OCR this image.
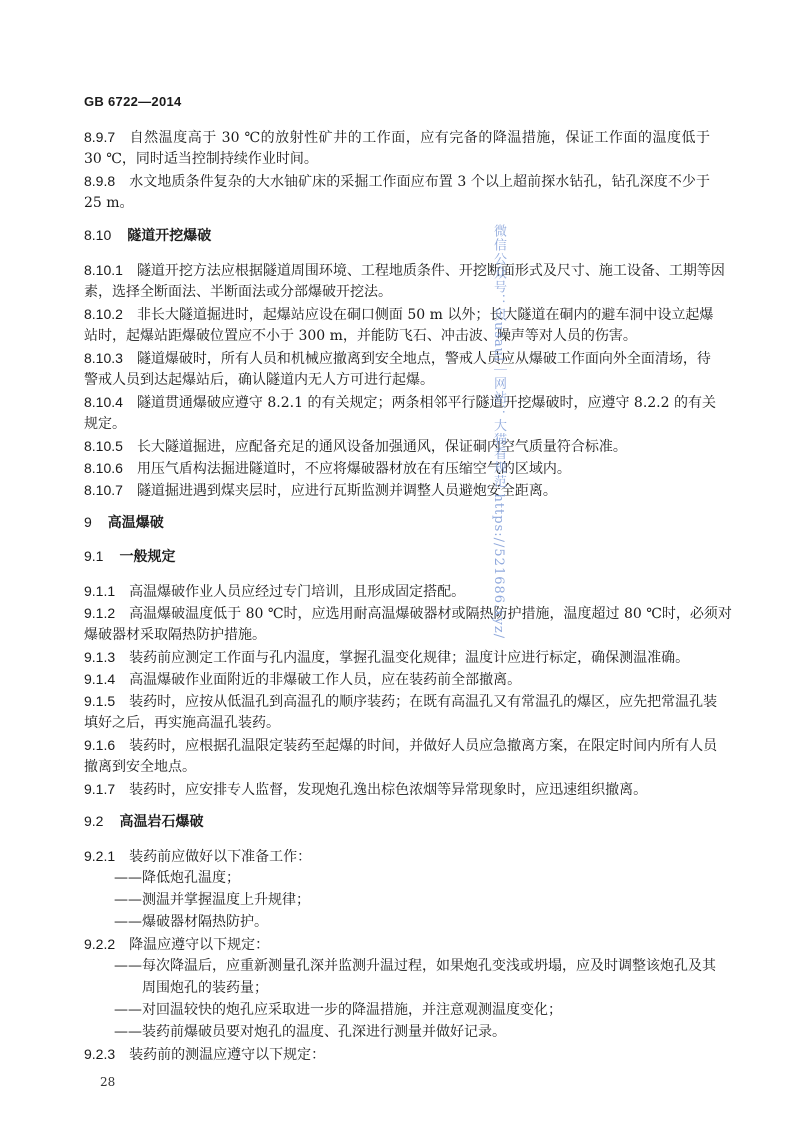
GB 6722—2014
8.9.7 自然温度高于 30 ℃的放射性矿井的工作面，应有完备的降温措施，保证工作面的温度低于
30 ℃，同时适当控制持续作业时间。
8.9.8 水文地质条件复杂的大水铀矿床的采掘工作面应布置 3 个以上超前探水钻孔，钻孔深度不少于
25 m。
8.10 隧道开挖爆破
8.10.1 隧道开挖方法应根据隧道周围环境、工程地质条件、开挖断面形式及尺寸、施工设备、工期等因
素，选择全断面法、半断面法或分部爆破开挖法。
8.10.2 非长大隧道掘进时，起爆站应设在硐口侧面 50 m 以外；长大隧道在硐内的避车洞中设立起爆
站时，起爆站距爆破位置应不小于 300 m，并能防飞石、冲击波、噪声等对人员的伤害。
8.10.3 隧道爆破时，所有人员和机械应撤离到安全地点，警戒人员应从爆破工作面向外全面清场，待
警戒人员到达起爆站后，确认隧道内无人方可进行起爆。
8.10.4 隧道贯通爆破应遵守 8.2.1 的有关规定；两条相邻平行隧道开挖爆破时，应遵守 8.2.2 的有关
规定。
8.10.5 长大隧道掘进，应配备充足的通风设备加强通风，保证硐内空气质量符合标准。
8.10.6 用压气盾构法掘进隧道时，不应将爆破器材放在有压缩空气的区域内。
8.10.7 隧道掘进遇到煤夹层时，应进行瓦斯监测并调整人员避炮安全距离。
9 高温爆破
9.1 一般规定
9.1.1 高温爆破作业人员应经过专门培训，且形成固定搭配。
9.1.2 高温爆破温度低于 80 ℃时，应选用耐高温爆破器材或隔热防护措施，温度超过 80 ℃时，必须对
爆破器材采取隔热防护措施。
9.1.3 装药前应测定工作面与孔内温度，掌握孔温变化规律；温度计应进行标定，确保测温准确。
9.1.4 高温爆破作业面附近的非爆破工作人员，应在装药前全部撤离。
9.1.5 装药时，应按从低温孔到高温孔的顺序装药；在既有高温孔又有常温孔的爆区，应先把常温孔装
填好之后，再实施高温孔装药。
9.1.6 装药时，应根据孔温限定装药至起爆的时间，并做好人员应急撤离方案，在限定时间内所有人员
撤离到安全地点。
9.1.7 装药时，应安排专人监督，发现炮孔逸出棕色浓烟等异常现象时，应迅速组织撤离。
9.2 高温岩石爆破
9.2.1 装药前应做好以下准备工作：
——降低炮孔温度；
——测温并掌握温度上升规律；
——爆破器材隔热防护。
9.2.2 降温应遵守以下规定：
——每次降温后，应重新测量孔深并监测升温过程，如果炮孔变浅或坍塌，应及时调整该炮孔及其
周围炮孔的装药量；
——对回温较快的炮孔应采取进一步的降温措施，并注意观测温度变化；
——装药前爆破员要对炮孔的温度、孔深进行测量并做好记录。
9.2.3 装药前的测温应遵守以下规定：
微信公众号：贝usaul｜网站：大猫看规范 https://521686.xyz/
28
